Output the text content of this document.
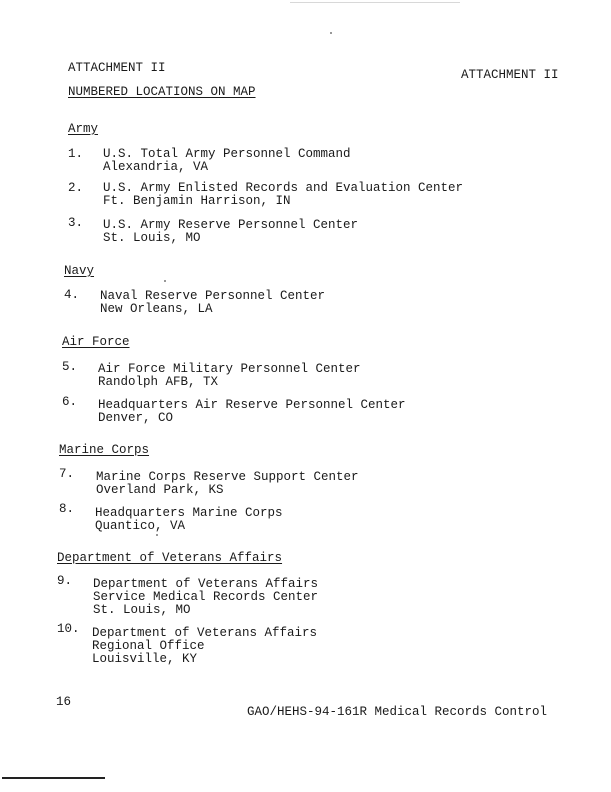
ATTACHMENT II	ATTACHMENT II
NUMBERED LOCATIONS ON MAP
Army
1. U.S. Total Army Personnel Command
Alexandria, VA
2. U.S. Army Enlisted Records and Evaluation Center
Ft. Benjamin Harrison, IN
3. U.S. Army Reserve Personnel Center
St. Louis, MO
Navy
4. Naval Reserve Personnel Center
New Orleans, LA
Air Force
5. Air Force Military Personnel Center
Randolph AFB, TX
6. Headquarters Air Reserve Personnel Center
Denver, CO
Marine Corps
7. Marine Corps Reserve Support Center
Overland Park, KS
8. Headquarters Marine Corps
Quantico, VA
Department of Veterans Affairs
9. Department of Veterans Affairs
Service Medical Records Center
St. Louis, MO
10. Department of Veterans Affairs
Regional Office
Louisville, KY
16
GAO/HEHS-94-161R Medical Records Control
